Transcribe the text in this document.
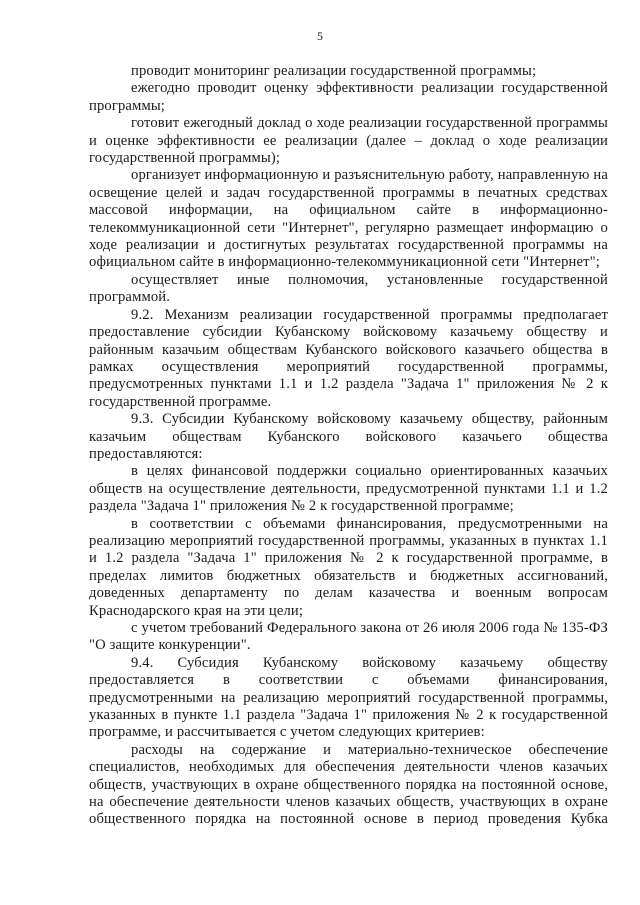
5

проводит мониторинг реализации государственной программы;

ежегодно проводит оценку эффективности реализации государственной программы;

готовит ежегодный доклад о ходе реализации государственной программы и оценке эффективности ее реализации (далее – доклад о ходе реализации государственной программы);

организует информационную и разъяснительную работу, направленную на освещение целей и задач государственной программы в печатных средствах массовой информации, на официальном сайте в информационно-телекоммуникационной сети "Интернет", регулярно размещает информацию о ходе реализации и достигнутых результатах государственной программы на официальном сайте в информационно-телекоммуникационной сети "Интернет";

осуществляет иные полномочия, установленные государственной программой.

9.2. Механизм реализации государственной программы предполагает предоставление субсидии Кубанскому войсковому казачьему обществу и районным казачьим обществам Кубанского войскового казачьего общества в рамках осуществления мероприятий государственной программы, предусмотренных пунктами 1.1 и 1.2 раздела "Задача 1" приложения № 2 к государственной программе.

9.3. Субсидии Кубанскому войсковому казачьему обществу, районным казачьим обществам Кубанского войскового казачьего общества предоставляются:

в целях финансовой поддержки социально ориентированных казачьих обществ на осуществление деятельности, предусмотренной пунктами 1.1 и 1.2 раздела "Задача 1" приложения № 2 к государственной программе;

в соответствии с объемами финансирования, предусмотренными на реализацию мероприятий государственной программы, указанных в пунктах 1.1 и 1.2 раздела "Задача 1" приложения № 2 к государственной программе, в пределах лимитов бюджетных обязательств и бюджетных ассигнований, доведенных департаменту по делам казачества и военным вопросам Краснодарского края на эти цели;

с учетом требований Федерального закона от 26 июля 2006 года № 135-ФЗ "О защите конкуренции".

9.4. Субсидия Кубанскому войсковому казачьему обществу предоставляется в соответствии с объемами финансирования, предусмотренными на реализацию мероприятий государственной программы, указанных в пункте 1.1 раздела "Задача 1" приложения № 2 к государственной программе, и рассчитывается с учетом следующих критериев:

расходы на содержание и материально-техническое обеспечение специалистов, необходимых для обеспечения деятельности членов казачьих обществ, участвующих в охране общественного порядка на постоянной основе, на обеспечение деятельности членов казачьих обществ, участвующих в охране общественного порядка на постоянной основе в период проведения Кубка
